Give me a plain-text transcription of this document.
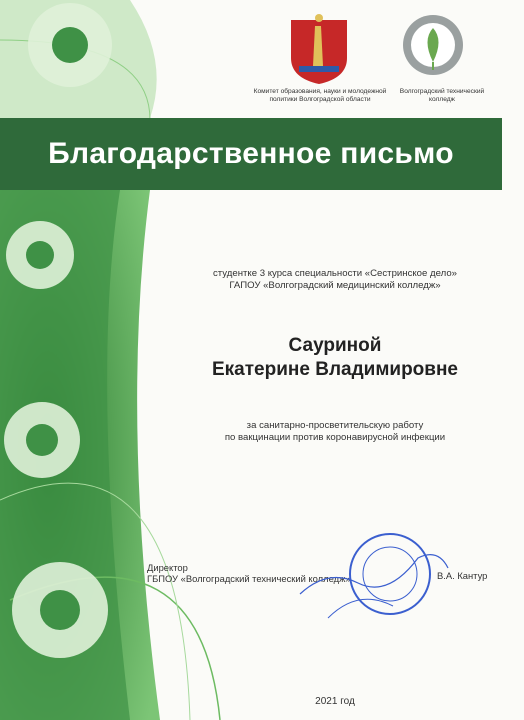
Комитет образования, науки и молодежной
политики Волгоградской области
Волгоградский технический
колледж
Благодарственное письмо
студентке 3 курса специальности «Сестринское дело»
ГАПОУ «Волгоградский медицинский колледж»
Сауриной
Екатерине Владимировне
за санитарно-просветительскую работу
по вакцинации против коронавирусной инфекции
Директор
ГБПОУ «Волгоградский технический колледж»	В.А. Кантур
2021 год
